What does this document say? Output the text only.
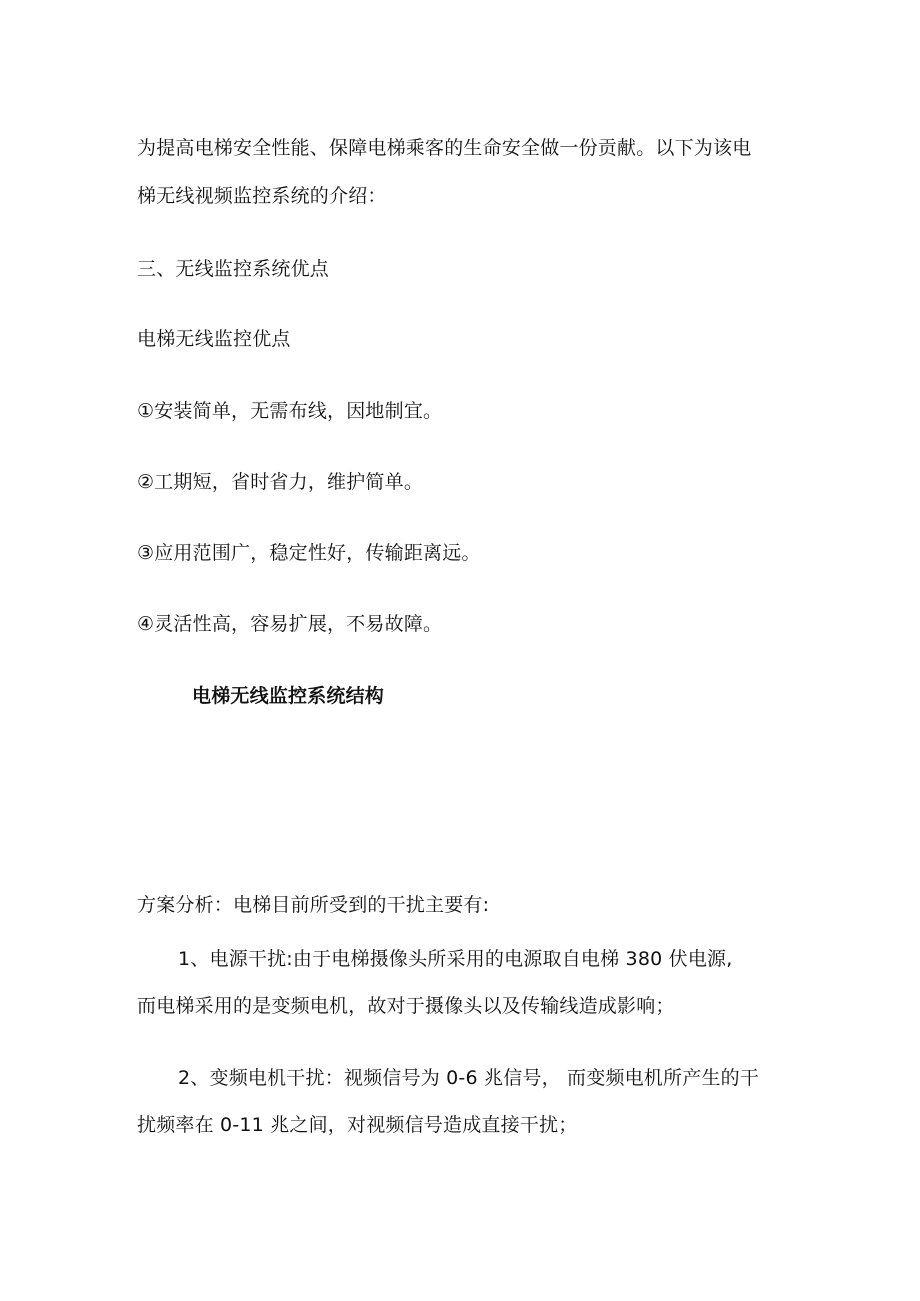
为提高电梯安全性能、保障电梯乘客的生命安全做一份贡献。以下为该电
梯无线视频监控系统的介绍：
三、无线监控系统优点
电梯无线监控优点
①安装简单，无需布线，因地制宜。
②工期短，省时省力，维护简单。
③应用范围广，稳定性好，传输距离远。
④灵活性高，容易扩展，不易故障。
电梯无线监控系统结构
方案分析：电梯目前所受到的干扰主要有:
1、电源干扰:由于电梯摄像头所采用的电源取自电梯 380 伏电源,
而电梯采用的是变频电机，故对于摄像头以及传输线造成影响；
2、变频电机干扰：视频信号为 0-6 兆信号， 而变频电机所产生的干
扰频率在 0-11 兆之间，对视频信号造成直接干扰；
